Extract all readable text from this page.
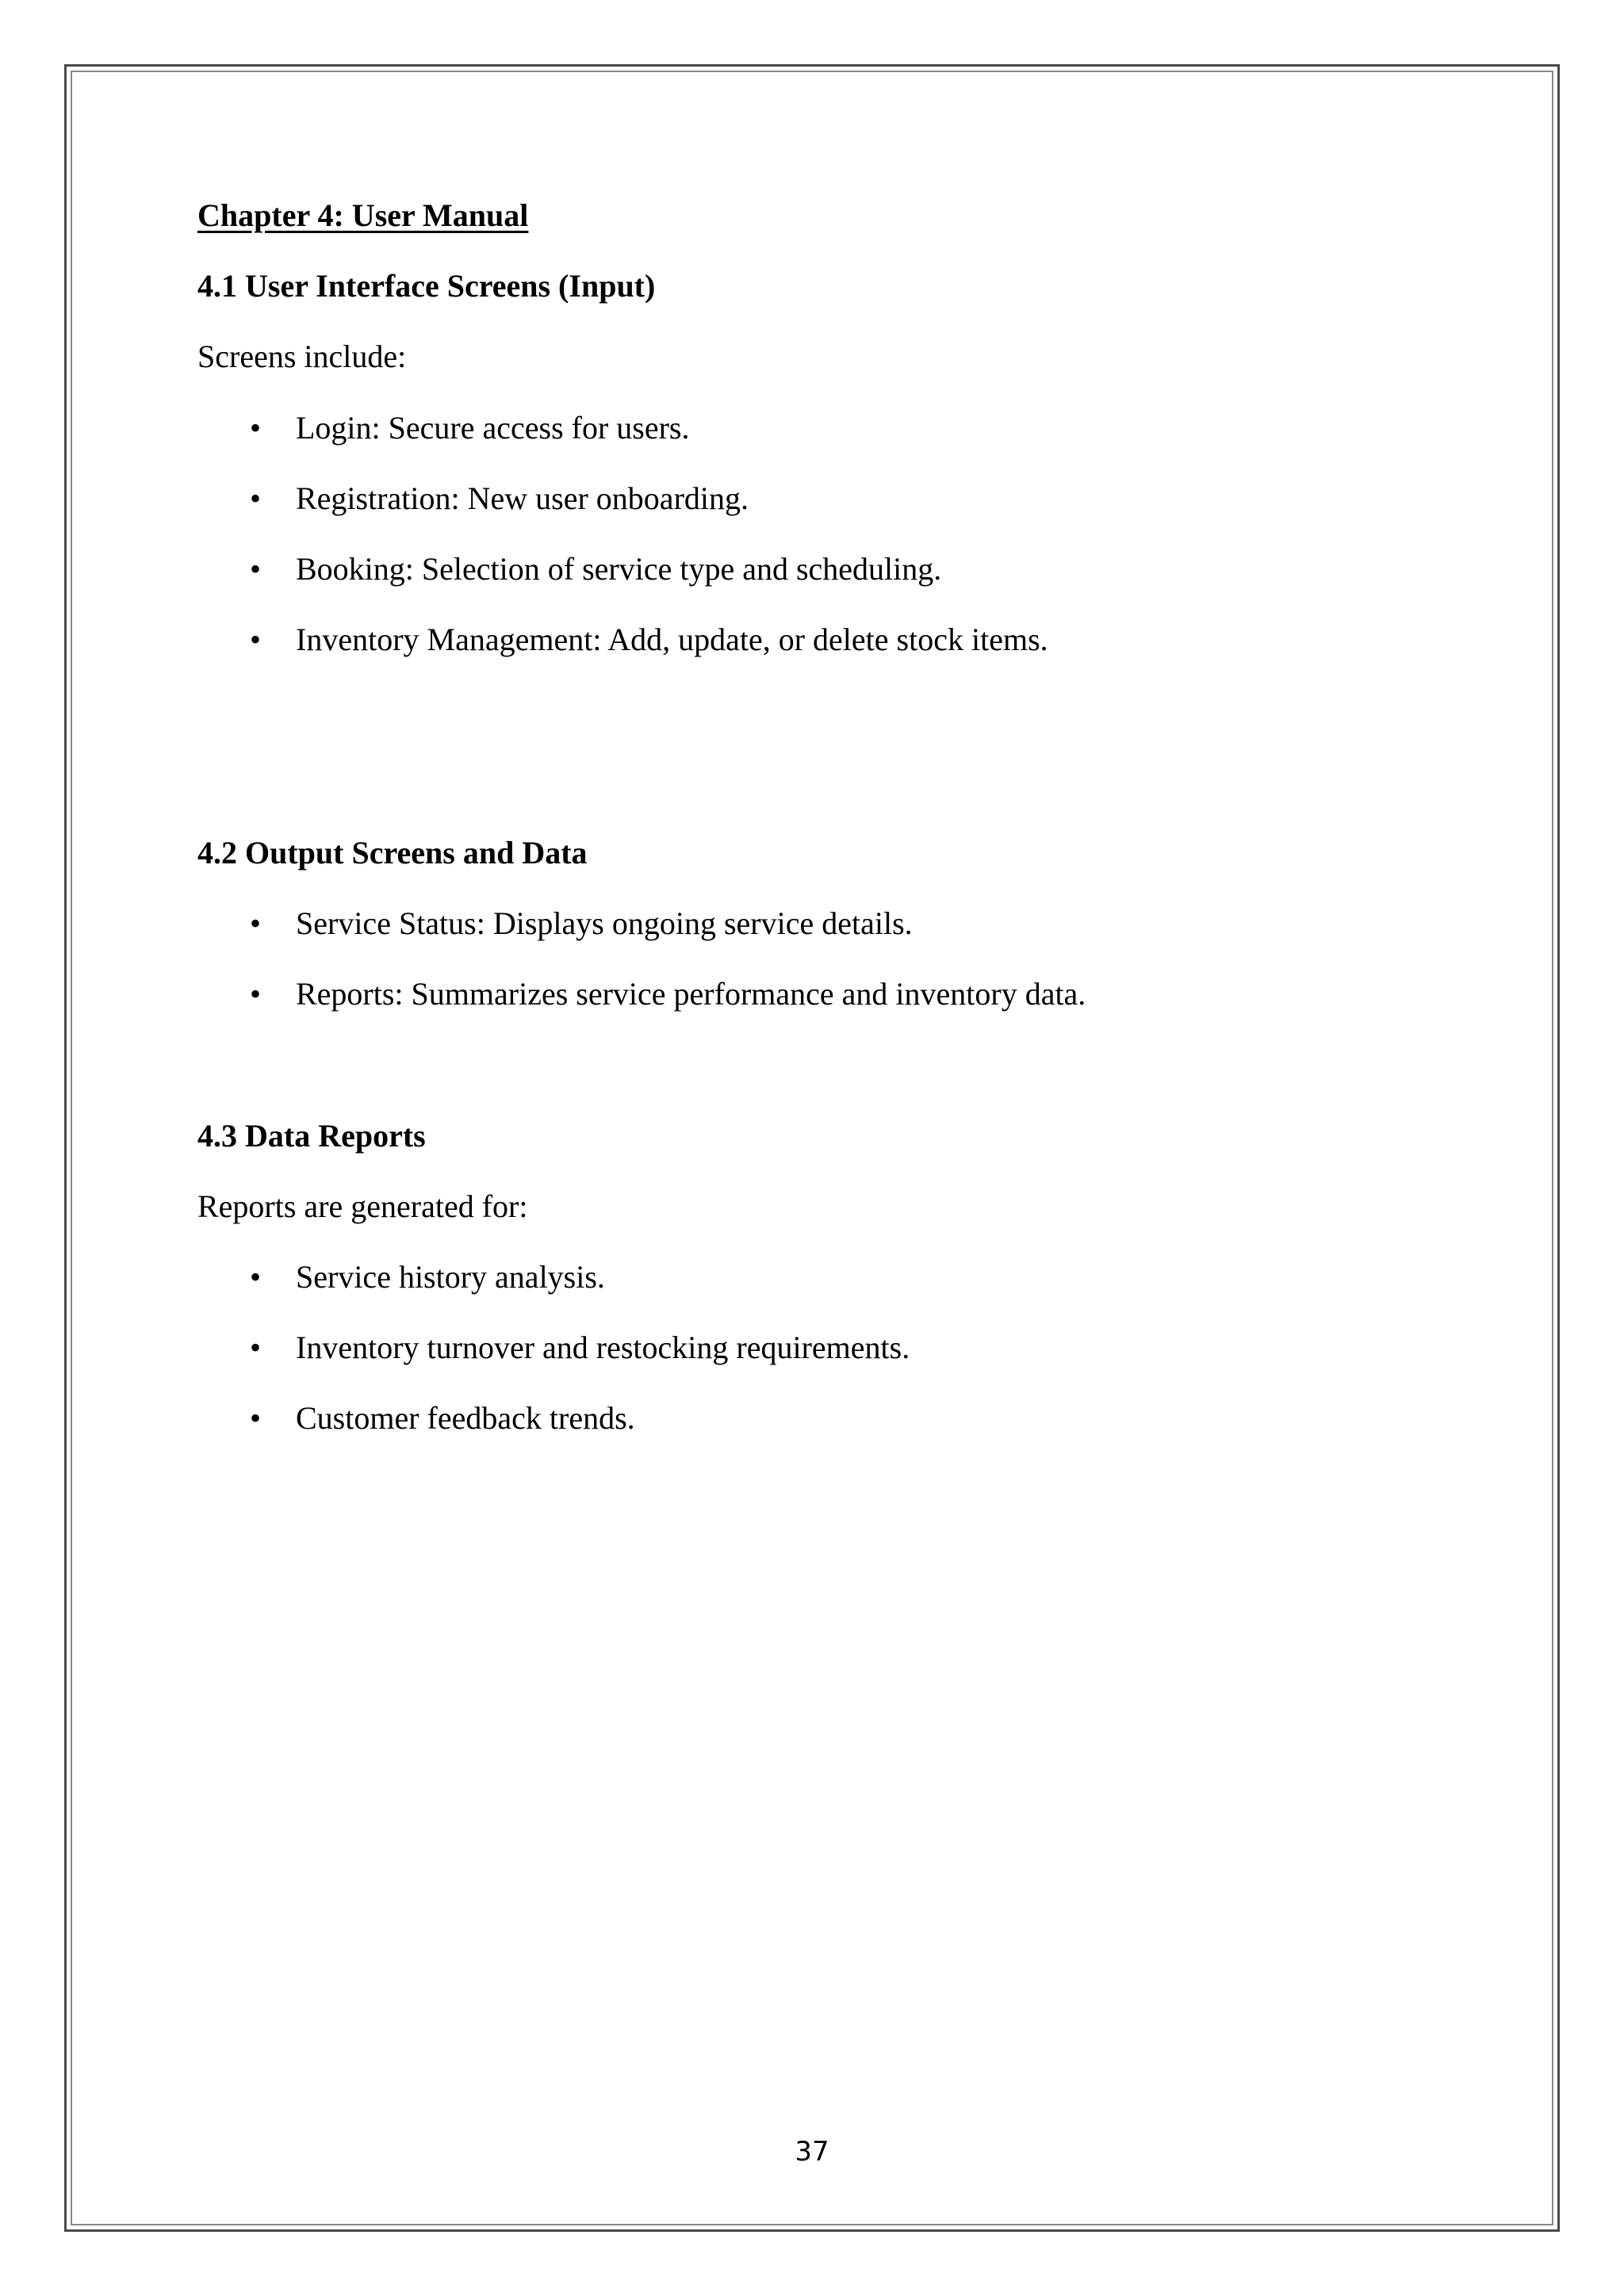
Chapter 4: User Manual
4.1 User Interface Screens (Input)
Screens include:
• Login: Secure access for users.
• Registration: New user onboarding.
• Booking: Selection of service type and scheduling.
• Inventory Management: Add, update, or delete stock items.
4.2 Output Screens and Data
• Service Status: Displays ongoing service details.
• Reports: Summarizes service performance and inventory data.
4.3 Data Reports
Reports are generated for:
• Service history analysis.
• Inventory turnover and restocking requirements.
• Customer feedback trends.
37
